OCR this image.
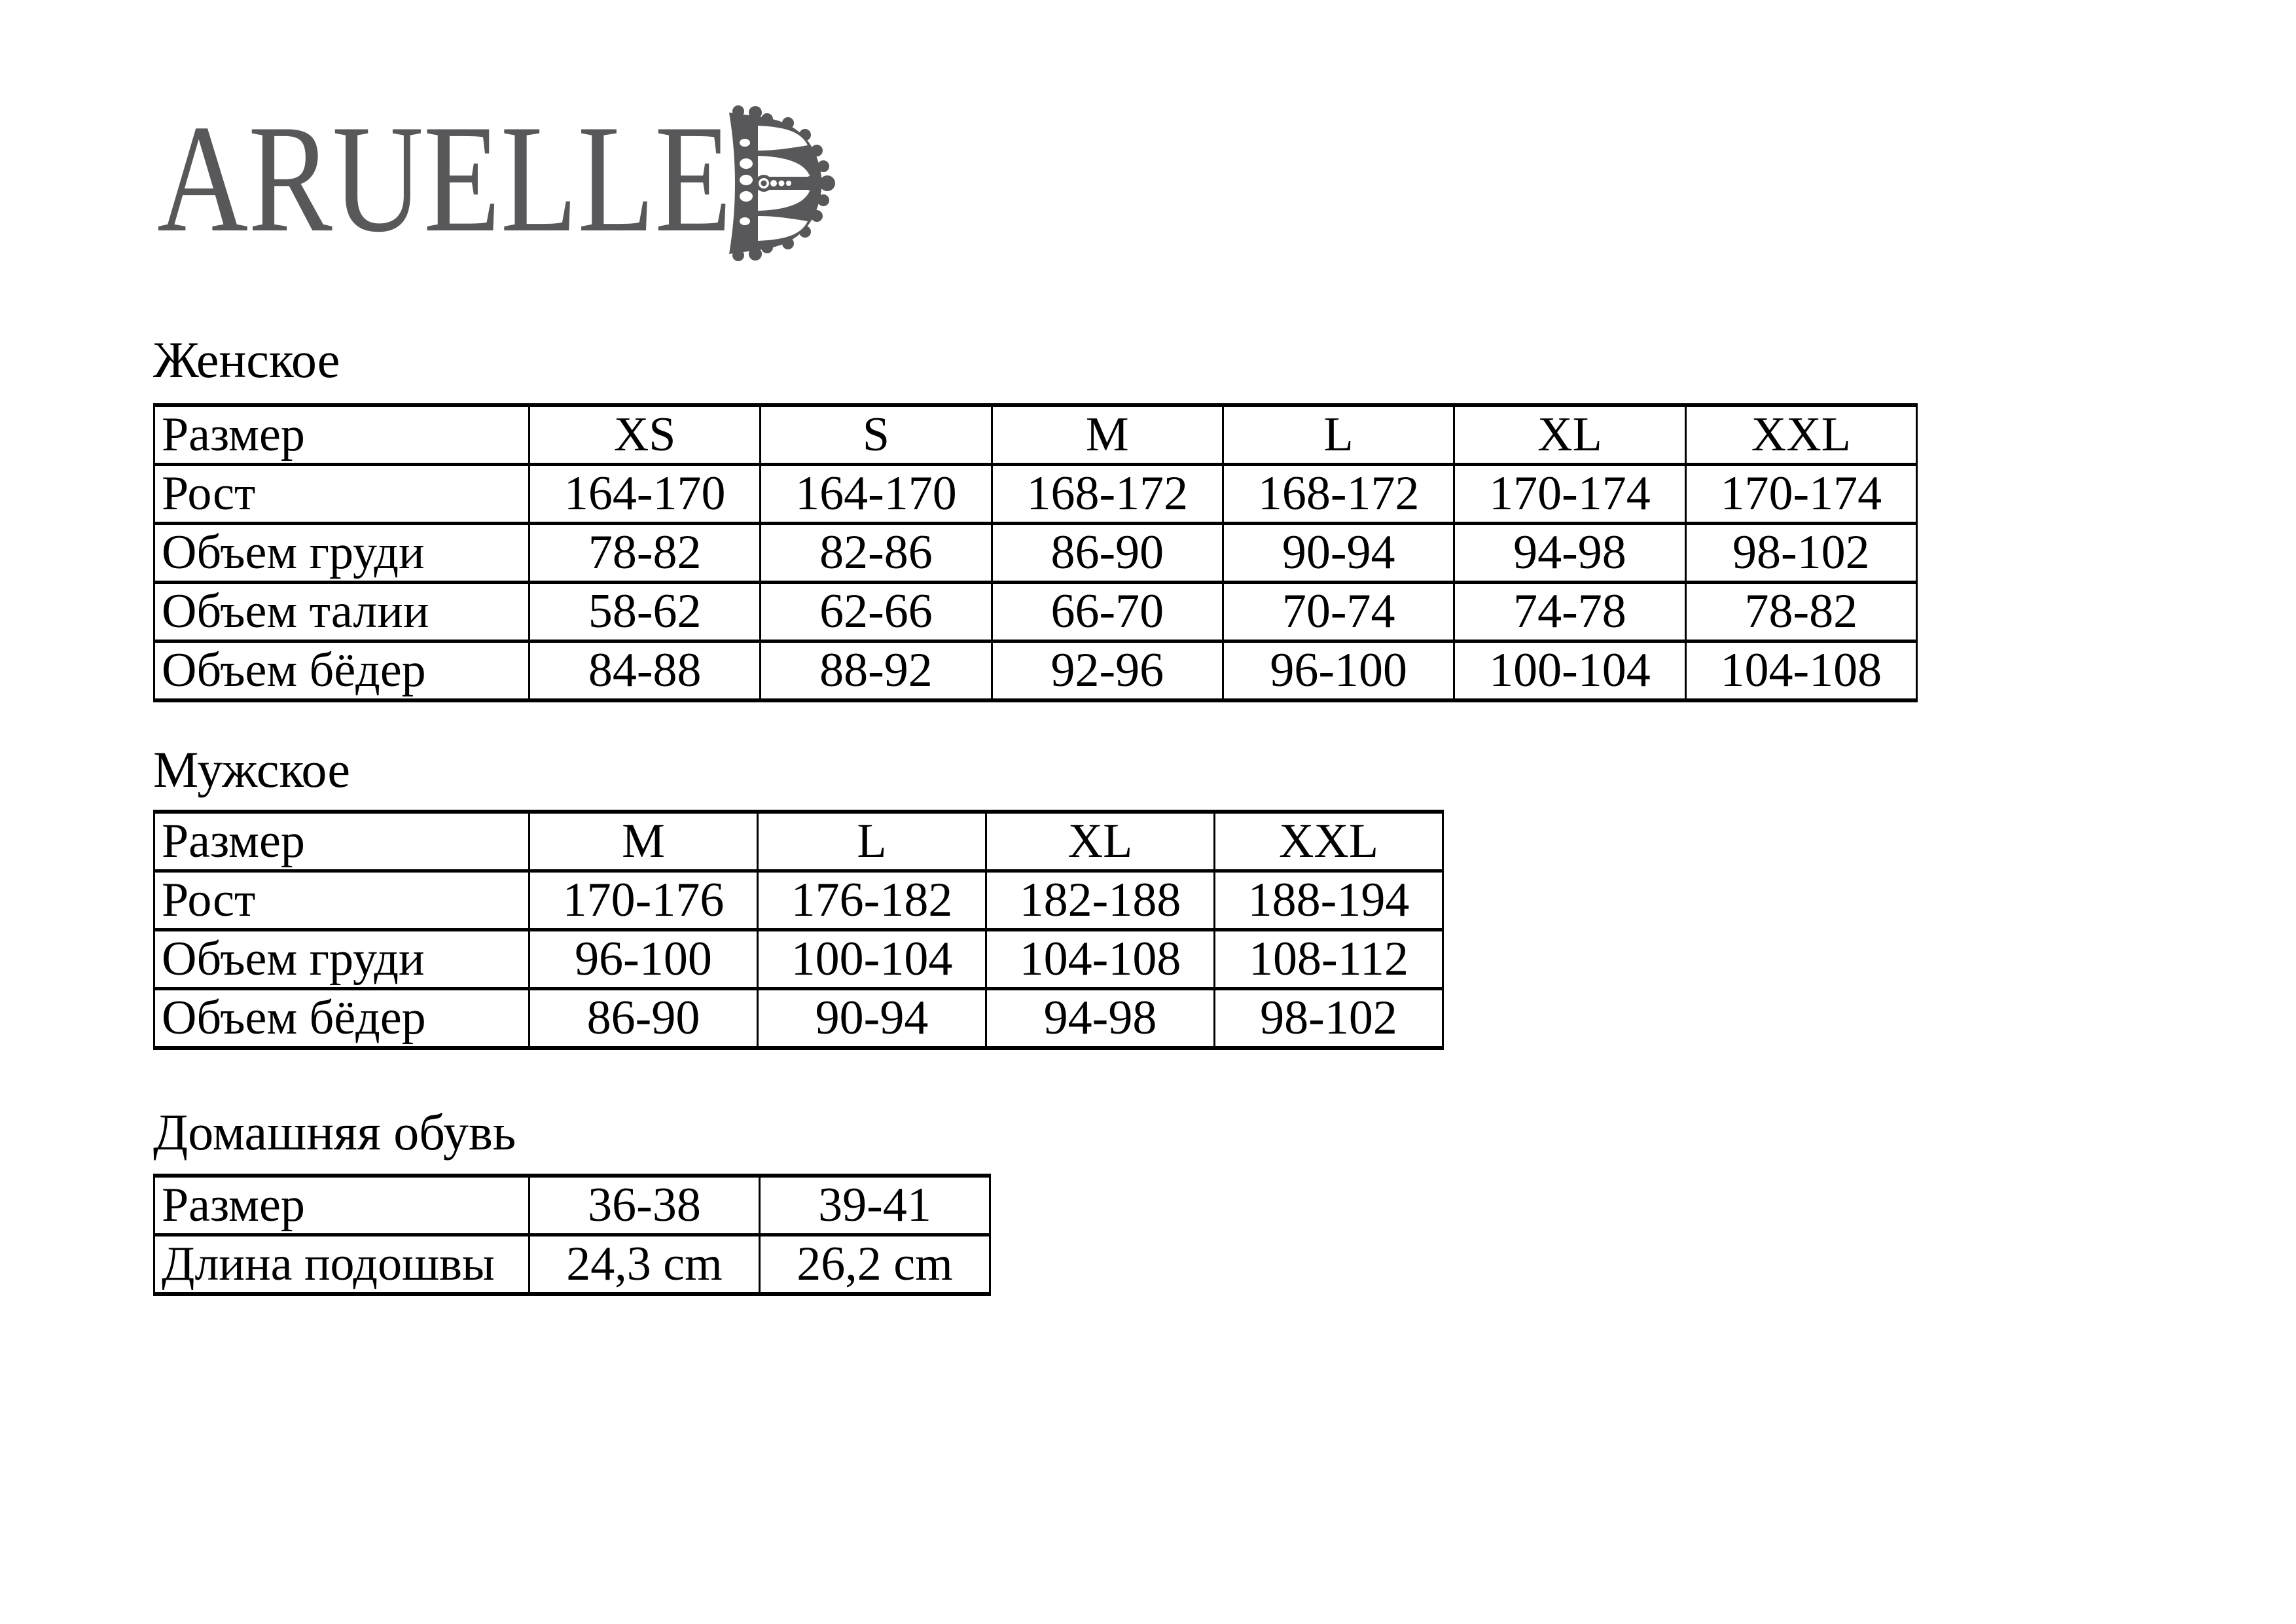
ARUELLE
Женское
Размер	XS	S	M	L	XL	XXL
Рост	164-170	164-170	168-172	168-172	170-174	170-174
Объем груди	78-82	82-86	86-90	90-94	94-98	98-102
Объем талии	58-62	62-66	66-70	70-74	74-78	78-82
Объем бёдер	84-88	88-92	92-96	96-100	100-104	104-108
Мужское
Размер	M	L	XL	XXL
Рост	170-176	176-182	182-188	188-194
Объем груди	96-100	100-104	104-108	108-112
Объем бёдер	86-90	90-94	94-98	98-102
Домашняя обувь
Размер	36-38	39-41
Длина подошвы	24,3 cm	26,2 cm
